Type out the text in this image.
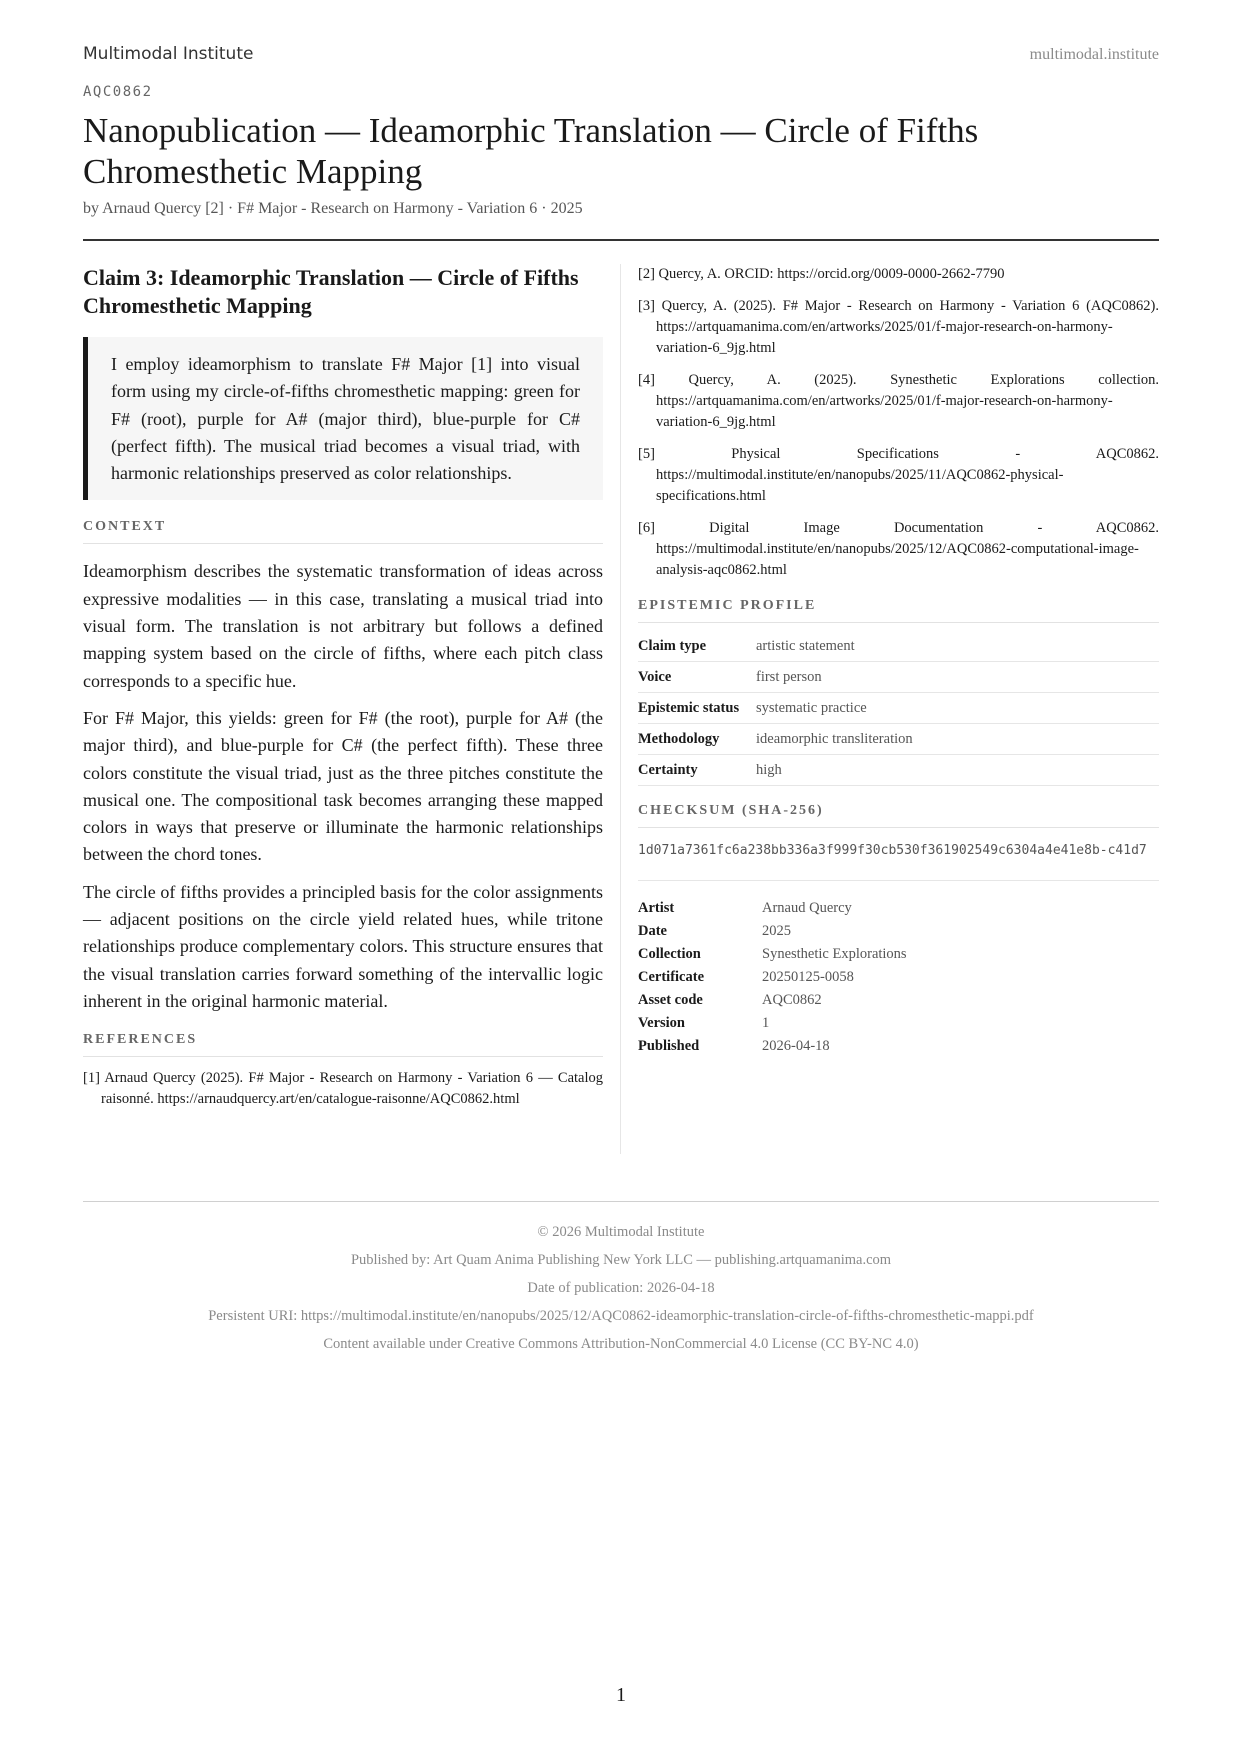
Multimodal Institute	multimodal.institute
AQC0862
Nanopublication — Ideamorphic Translation — Circle of Fifths Chromesthetic Mapping
by Arnaud Quercy [2] · F# Major - Research on Harmony - Variation 6 · 2025
Claim 3: Ideamorphic Translation — Circle of Fifths Chromesthetic Mapping
I employ ideamorphism to translate F# Major [1] into visual form using my circle-of-fifths chromesthetic mapping: green for F# (root), purple for A# (major third), blue-purple for C# (perfect fifth). The musical triad becomes a visual triad, with harmonic relationships preserved as color relationships.
CONTEXT

Ideamorphism describes the systematic transformation of ideas across expressive modalities — in this case, translating a musical triad into visual form. The translation is not arbitrary but follows a defined mapping system based on the circle of fifths, where each pitch class corresponds to a specific hue.

For F# Major, this yields: green for F# (the root), purple for A# (the major third), and blue-purple for C# (the perfect fifth). These three colors constitute the visual triad, just as the three pitches constitute the musical one. The compositional task becomes arranging these mapped colors in ways that preserve or illuminate the harmonic relationships between the chord tones.

The circle of fifths provides a principled basis for the color assignments — adjacent positions on the circle yield related hues, while tritone relationships produce complementary colors. This structure ensures that the visual translation carries forward something of the intervallic logic inherent in the original harmonic material.

REFERENCES
[1] Arnaud Quercy (2025). F# Major - Research on Harmony - Variation 6 — Catalog raisonné. https://arnaudquercy.art/en/catalogue-raisonne/AQC0862.html
[2] Quercy, A. ORCID: https://orcid.org/0009-0000-2662-7790
[3] Quercy, A. (2025). F# Major - Research on Harmony - Variation 6 (AQC0862). https://artquamanima.com/en/artworks/2025/01/f-major-research-on-harmony-variation-6_9jg.html
[4] Quercy, A. (2025). Synesthetic Explorations collection. https://artquamanima.com/en/artworks/2025/01/f-major-research-on-harmony-variation-6_9jg.html
[5] Physical Specifications - AQC0862. https://multimodal.institute/en/nanopubs/2025/11/AQC0862-physical-specifications.html
[6] Digital Image Documentation - AQC0862. https://multimodal.institute/en/nanopubs/2025/12/AQC0862-computational-image-analysis-aqc0862.html
EPISTEMIC PROFILE
Claim type	artistic statement
Voice	first person
Epistemic status	systematic practice
Methodology	ideamorphic transliteration
Certainty	high
CHECKSUM (SHA-256)
1d071a7361fc6a238bb336a3f999f30cb530f361902549c6304a4e41e8b-c41d7
Artist	Arnaud Quercy
Date	2025
Collection	Synesthetic Explorations
Certificate	20250125-0058
Asset code	AQC0862
Version	1
Published	2026-04-18
© 2026 Multimodal Institute
Published by: Art Quam Anima Publishing New York LLC — publishing.artquamanima.com
Date of publication: 2026-04-18
Persistent URI: https://multimodal.institute/en/nanopubs/2025/12/AQC0862-ideamorphic-translation-circle-of-fifths-chromesthetic-mappi.pdf
Content available under Creative Commons Attribution-NonCommercial 4.0 License (CC BY-NC 4.0)
1
